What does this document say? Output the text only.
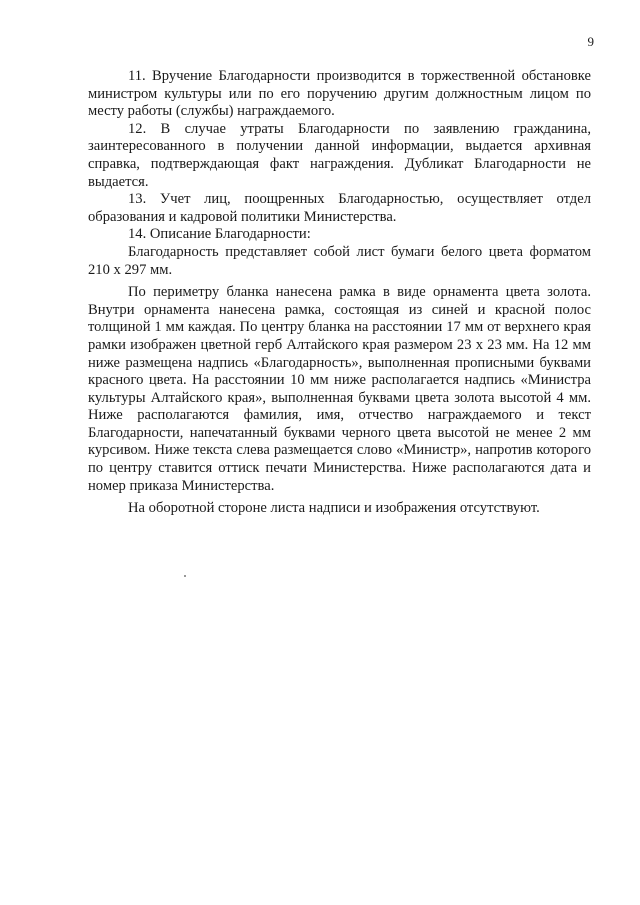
9

11. Вручение Благодарности производится в торжественной обстановке министром культуры или по его поручению другим должностным лицом по месту работы (службы) награждаемого.

12. В случае утраты Благодарности по заявлению гражданина, заинтересованного в получении данной информации, выдается архивная справка, подтверждающая факт награждения. Дубликат Благодарности не выдается.

13. Учет лиц, поощренных Благодарностью, осуществляет отдел образования и кадровой политики Министерства.

14. Описание Благодарности:

Благодарность представляет собой лист бумаги белого цвета форматом 210 х 297 мм.

По периметру бланка нанесена рамка в виде орнамента цвета золота. Внутри орнамента нанесена рамка, состоящая из синей и красной полос толщиной 1 мм каждая. По центру бланка на расстоянии 17 мм от верхнего края рамки изображен цветной герб Алтайского края размером 23 х 23 мм. На 12 мм ниже размещена надпись «Благодарность», выполненная прописными буквами красного цвета. На расстоянии 10 мм ниже располагается надпись «Министра культуры Алтайского края», выполненная буквами цвета золота высотой 4 мм. Ниже располагаются фамилия, имя, отчество награждаемого и текст Благодарности, напечатанный буквами черного цвета высотой не менее 2 мм курсивом. Ниже текста слева размещается слово «Министр», напротив которого по центру ставится оттиск печати Министерства. Ниже располагаются дата и номер приказа Министерства.

На оборотной стороне листа надписи и изображения отсутствуют.
